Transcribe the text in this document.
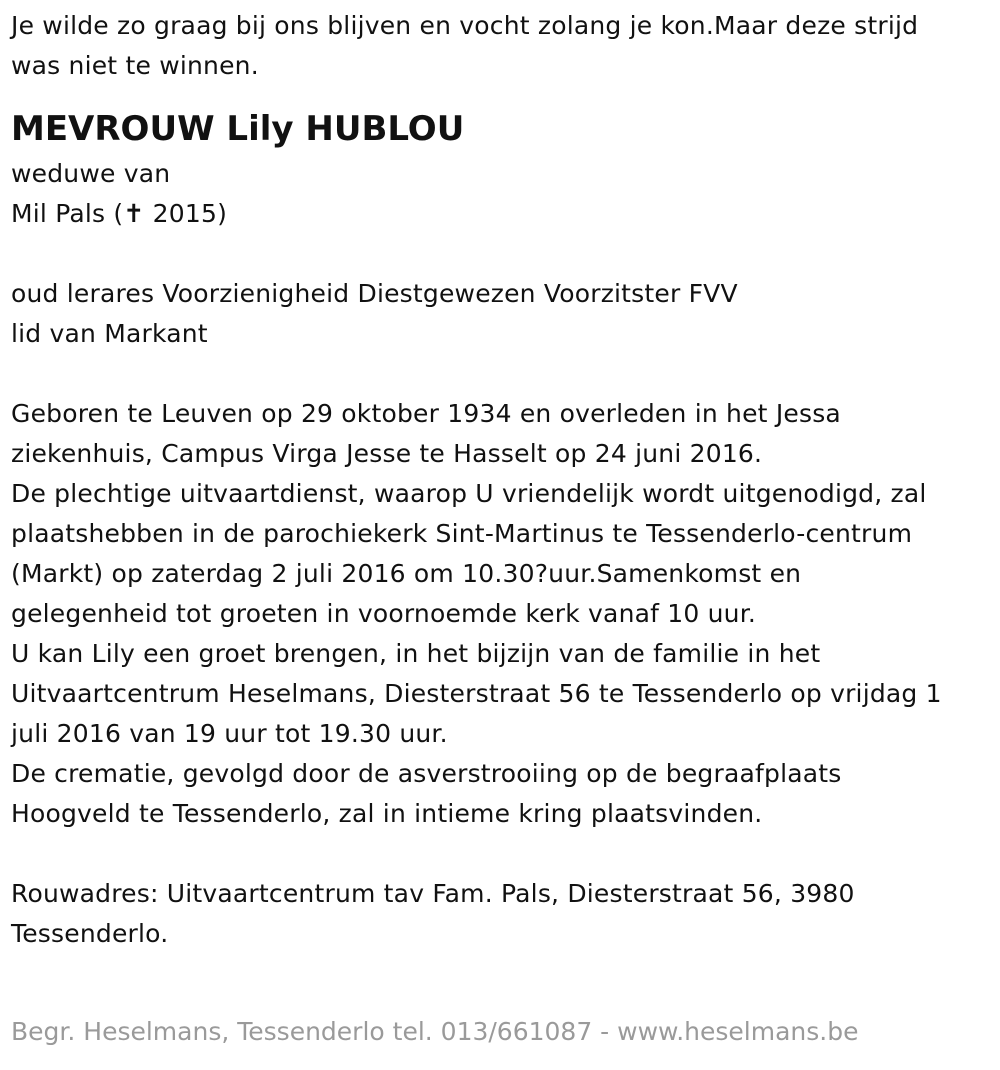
Je wilde zo graag bij ons blijven en vocht zolang je kon.Maar deze strijd
was niet te winnen.
MEVROUW Lily HUBLOU
weduwe van
Mil Pals (✝ 2015)
oud lerares Voorzienigheid Diestgewezen Voorzitster FVV
lid van Markant
Geboren te Leuven op 29 oktober 1934 en overleden in het Jessa
ziekenhuis, Campus Virga Jesse te Hasselt op 24 juni 2016.
De plechtige uitvaartdienst, waarop U vriendelijk wordt uitgenodigd, zal
plaatshebben in de parochiekerk Sint-Martinus te Tessenderlo-centrum
(Markt) op zaterdag 2 juli 2016 om 10.30?uur.Samenkomst en
gelegenheid tot groeten in voornoemde kerk vanaf 10 uur.
U kan Lily een groet brengen, in het bijzijn van de familie in het
Uitvaartcentrum Heselmans, Diesterstraat 56 te Tessenderlo op vrijdag 1
juli 2016 van 19 uur tot 19.30 uur.
De crematie, gevolgd door de asverstrooiing op de begraafplaats
Hoogveld te Tessenderlo, zal in intieme kring plaatsvinden.
Rouwadres: Uitvaartcentrum tav Fam. Pals, Diesterstraat 56, 3980
Tessenderlo.
Begr. Heselmans, Tessenderlo tel. 013/661087 - www.heselmans.be
